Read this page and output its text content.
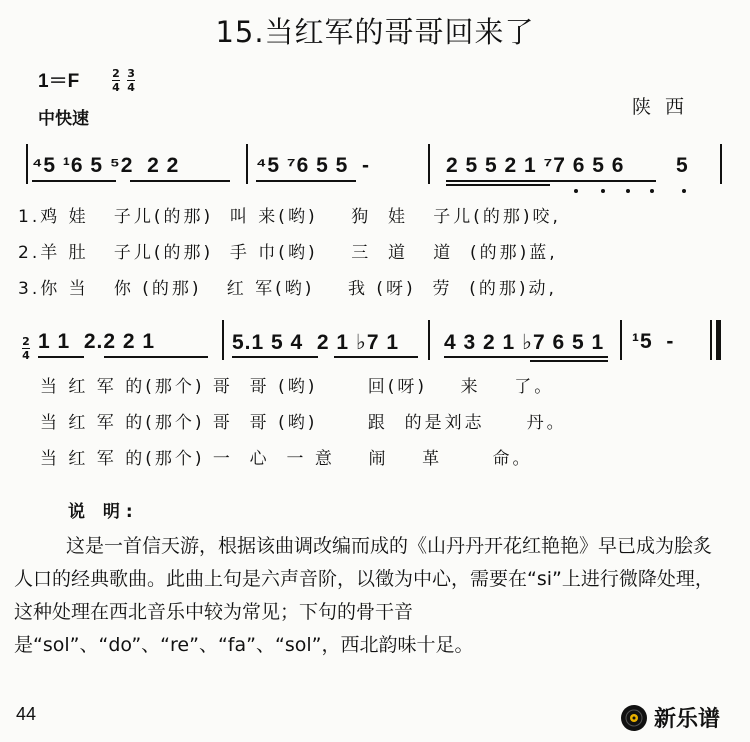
15.当红军的哥哥回来了
1＝F	$\frac{2}{4}$
$\frac{3}{4}$
中快速
陕西
⁴5 ¹6 5 ⁵2  2 2	⁴5 ⁷6 5 5  -	2 5 5 2 1 ⁷7 6 5 6 5
1.鸡 娃   子儿(的那)  叫 来(哟)    狗  娃   子儿(的那)咬,
2.羊 肚   子儿(的那)  手 巾(哟)    三  道   道  (的那)蓝,
3.你 当   你 (的那)   红 军(哟)    我 (呀)  劳  (的那)动,
$\frac{2}{4} 1$ 1  2.2 2 1	5.1 5 4  2 1 ♭7 1 4 3 2 1 ♭7 6 5 1 ¹5  -
当 红 军 的(那个) 哥  哥 (哟)      回(呀)    来    了。
当 红 军 的(那个) 哥  哥 (哟)      跟  的是刘志     丹。
当 红 军 的(那个) 一  心  一 意    闹    革      命。
说 明:
这是一首信天游，根据该曲调改编而成的《山丹丹开花红艳艳》早已成为脍炙人口的经典歌曲。此曲上句是六声音阶，以徵为中心，需要在“si”上进行微降处理，这种处理在西北音乐中较为常见；下句的骨干音是“sol”、“do”、“re”、“fa”、“sol”，西北韵味十足。
44	新乐谱
